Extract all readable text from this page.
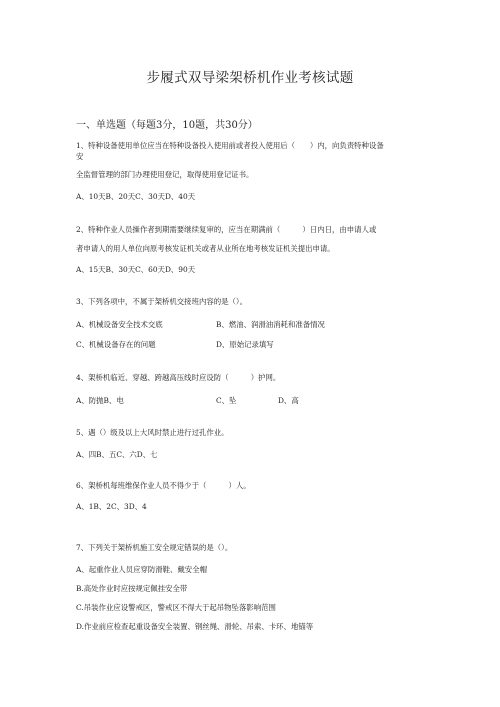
步履式双导梁架桥机作业考核试题
一、单选题（每题3分，10题，共30分）
1、特种设备使用单位应当在特种设备投入使用前或者投入使用后（　　）内，向负责特种设备
安
全监督管理的部门办理使用登记，取得使用登记证书。
A、10天B、20天C、30天D、40天
2、特种作业人员操作者到期需要继续复审的，应当在期满前（　　　）日内日，由申请人或
者申请人的用人单位向原考核发证机关或者从业所在地考核发证机关提出申请。
A、15天B、30天C、60天D、90天
3、下列各项中，不属于架桥机交接班内容的是（）。
A、机械设备安全技术交底	B、燃油、润滑油消耗和准备情况
C、机械设备存在的问题	D、原始记录填写
4、架桥机临近、穿越、跨越高压线时应设防（　　　）护网。
A、防抛B、电	C、坠	D、高
5、遇（）级及以上大风时禁止进行过孔作业。
A、四B、五C、六D、七
6、架桥机每班维保作业人员不得少于（　　　）人。
A、1B、2C、3D、4
7、下列关于架桥机施工安全规定错误的是（）。
A、起重作业人员应穿防滑鞋、戴安全帽
B.高处作业时应按规定佩挂安全带
C.吊装作业应设警戒区，警戒区不得大于起吊物坠落影响范围
D.作业前应检查起重设备安全装置、钢丝绳、滑轮、吊索、卡环、地锚等
